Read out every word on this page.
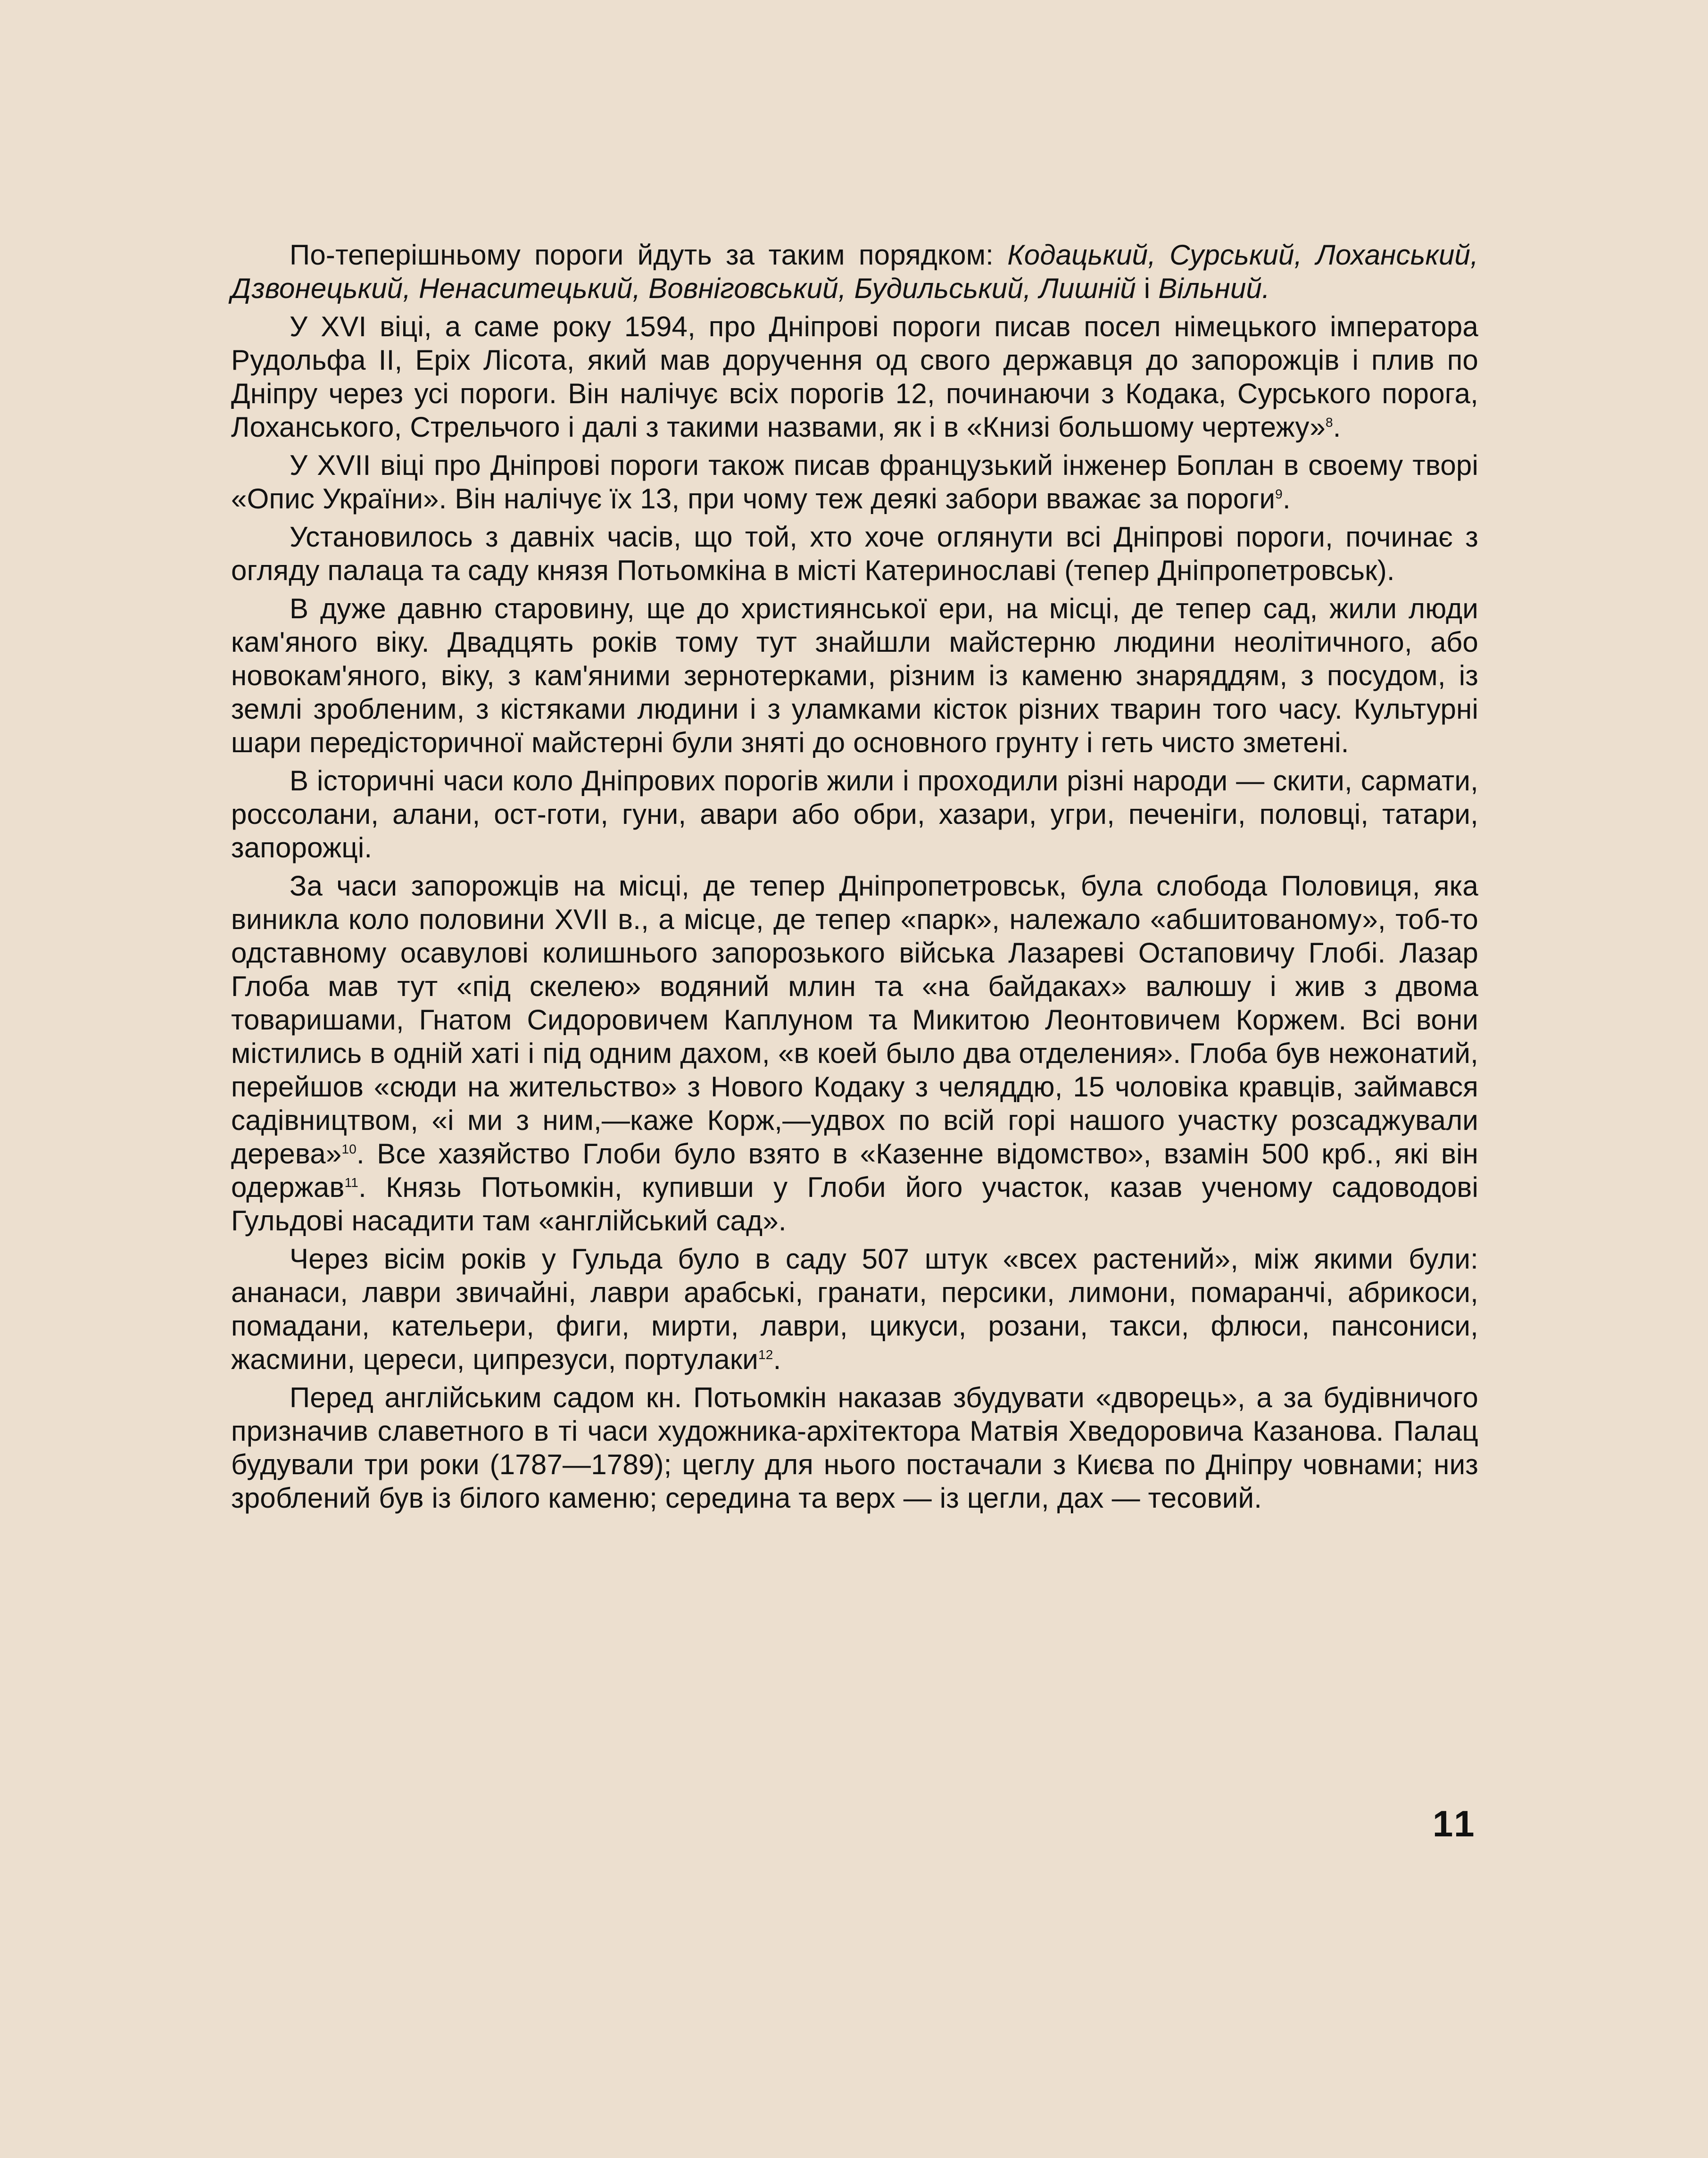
По-теперішньому пороги йдуть за таким порядком: Кодацький, Сурський, Лоханський, Дзвонецький, Ненаситецький, Вовніговський, Будильський, Лишній і Вільний.

У XVI віці, а саме року 1594, про Дніпрові пороги писав посел німецького імператора Рудольфа II, Еріх Лісота, який мав доручення од свого державця до запорожців і плив по Дніпру через усі пороги. Він налічує всіх порогів 12, починаючи з Кодака, Сурського порога, Лоханського, Стрельчого і далі з такими назвами, як і в «Книзі большому чертежу»$^8$.

У XVII віці про Дніпрові пороги також писав французький інженер Боплан в своему творі «Опис України». Він налічує їх 13, при чому теж деякі забори вважає за пороги$^9$.

Установилось з давніх часів, що той, хто хоче оглянути всі Дніпрові пороги, починає з огляду палаца та саду князя Потьомкіна в місті Катеринославі (тепер Дніпропетровськ).

В дуже давню старовину, ще до християнської ери, на місці, де тепер сад, жили люди кам'яного віку. Двадцять років тому тут знайшли майстерню людини неолітичного, або новокам'яного, віку, з кам'яними зернотерками, різним із каменю знаряддям, з посудом, із землі зробленим, з кістяками людини і з уламками кісток різних тварин того часу. Культурні шари передісторичної майстерні були зняті до основного грунту і геть чисто зметені.

В історичні часи коло Дніпрових порогів жили і проходили різні народи — скити, сармати, россолани, алани, ост-готи, гуни, авари або обри, хазари, угри, печеніги, половці, татари, запорожці.

За часи запорожців на місці, де тепер Дніпропетровськ, була слобода Половиця, яка виникла коло половини XVII в., а місце, де тепер «парк», належало «абшитованому», тоб-то одставному осавулові колишнього запорозького війська Лазареві Остаповичу Глобі. Лазар Глоба мав тут «під скелею» водяний млин та «на байдаках» валюшу і жив з двома товаришами, Гнатом Сидоровичем Каплуном та Микитою Леонтовичем Коржем. Всі вони містились в одній хаті і під одним дахом, «в коей было два отделения». Глоба був нежонатий, перейшов «сюди на жительство» з Нового Кодаку з челяддю, 15 чоловіка кравців, займався садівництвом, «і ми з ним,—каже Корж,—удвох по всій горі нашого участку розсаджували дерева»$^{10}$. Все хазяйство Глоби було взято в «Казенне відомство», взамін 500 крб., які він одержав$^{11}$. Князь Потьомкін, купивши у Глоби його участок, казав ученому садоводові Гульдові насадити там «англійський сад».

Через вісім років у Гульда було в саду 507 штук «всех растений», між якими були: ананаси, лаври звичайні, лаври арабські, гранати, персики, лимони, помаранчі, абрикоси, помадани, кательери, фиги, мирти, лаври, цикуси, розани, такси, флюси, пансониси, жасмини, цереси, ципрезуси, портулаки$^{12}$.

Перед англійським садом кн. Потьомкін наказав збудувати «дворець», а за будівничого призначив славетного в ті часи художника-архітектора Матвія Хведоровича Казанова. Палац будували три роки (1787—1789); цеглу для нього постачали з Києва по Дніпру човнами; низ зроблений був із білого каменю; середина та верх — із цегли, дах — тесовий.

11
